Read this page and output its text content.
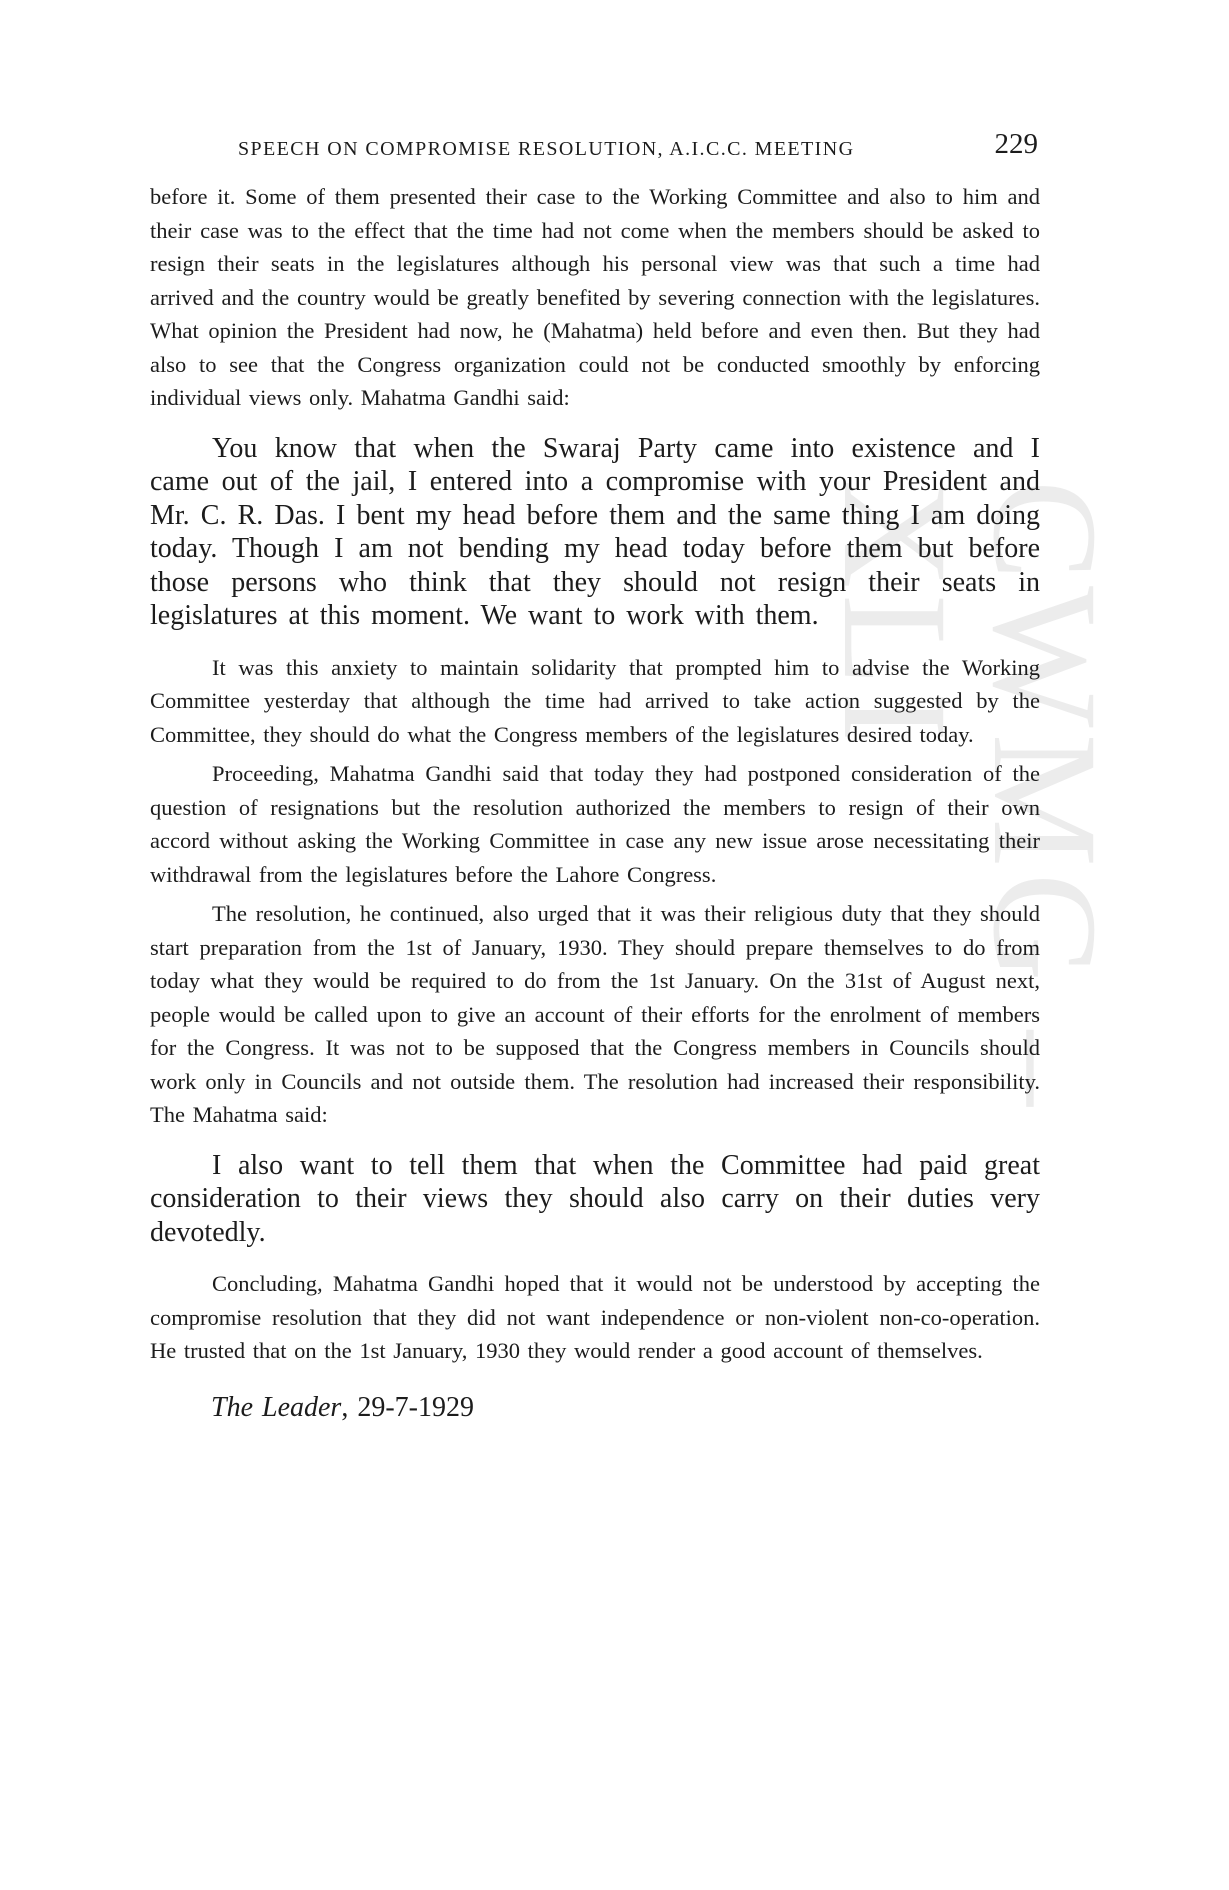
CWMG – XLI
SPEECH ON COMPROMISE RESOLUTION, A.I.C.C. MEETING	229

before it. Some of them presented their case to the Working Committee and also to him and their case was to the effect that the time had not come when the members should be asked to resign their seats in the legislatures although his personal view was that such a time had arrived and the country would be greatly benefited by severing connection with the legislatures. What opinion the President had now, he (Mahatma) held before and even then. But they had also to see that the Congress organization could not be conducted smoothly by enforcing individual views only. Mahatma Gandhi said:

You know that when the Swaraj Party came into existence and I came out of the jail, I entered into a compromise with your President and Mr. C. R. Das. I bent my head before them and the same thing I am doing today. Though I am not bending my head today before them but before those persons who think that they should not resign their seats in legislatures at this moment. We want to work with them.

It was this anxiety to maintain solidarity that prompted him to advise the Working Committee yesterday that although the time had arrived to take action suggested by the Committee, they should do what the Congress members of the legislatures desired today.

Proceeding, Mahatma Gandhi said that today they had postponed consideration of the question of resignations but the resolution authorized the members to resign of their own accord without asking the Working Committee in case any new issue arose necessitating their withdrawal from the legislatures before the Lahore Congress.

The resolution, he continued, also urged that it was their religious duty that they should start preparation from the 1st of January, 1930. They should prepare themselves to do from today what they would be required to do from the 1st January. On the 31st of August next, people would be called upon to give an account of their efforts for the enrolment of members for the Congress. It was not to be supposed that the Congress members in Councils should work only in Councils and not outside them. The resolution had increased their responsibility. The Mahatma said:

I also want to tell them that when the Committee had paid great consideration to their views they should also carry on their duties very devotedly.

Concluding, Mahatma Gandhi hoped that it would not be understood by accepting the compromise resolution that they did not want independence or non-violent non-co-operation. He trusted that on the 1st January, 1930 they would render a good account of themselves.

The Leader, 29-7-1929
